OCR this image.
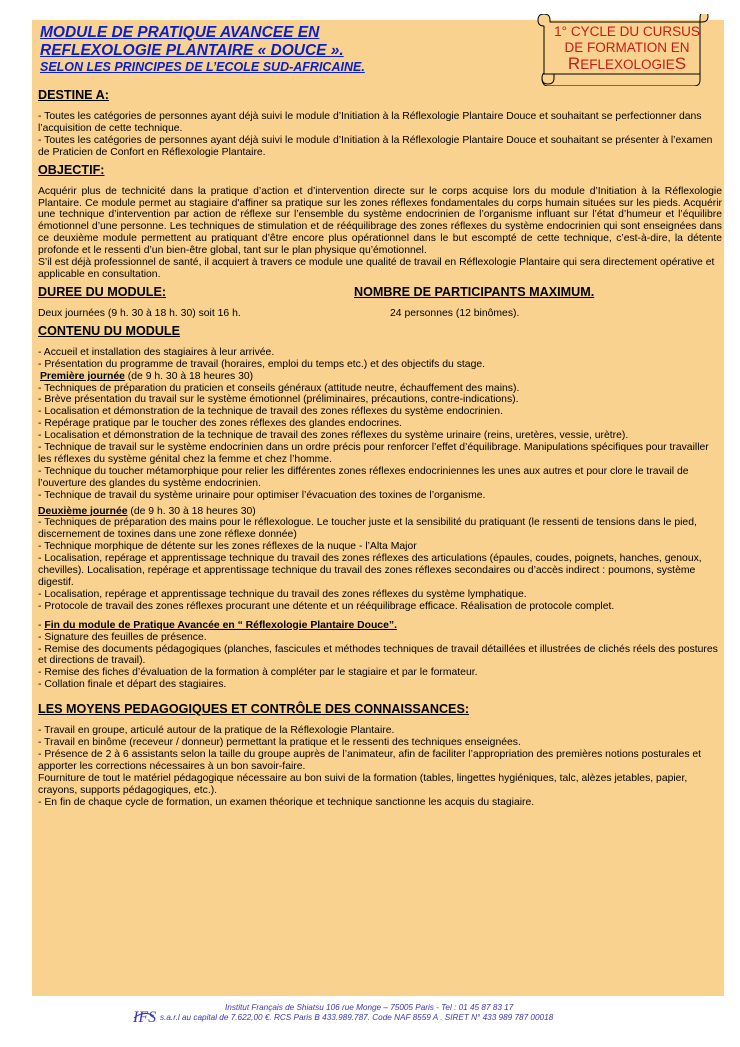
MODULE DE PRATIQUE AVANCEE EN
REFLEXOLOGIE PLANTAIRE « DOUCE ».
SELON LES PRINCIPES DE L’ECOLE SUD-AFRICAINE.
1° CYCLE DU CURSUS
DE FORMATION EN
REFLEXOLOGIES
DESTINE A:

- Toutes les catégories de personnes ayant déjà suivi le module d’Initiation à la Réflexologie Plantaire Douce et souhaitant se perfectionner dans l’acquisition de cette technique.

- Toutes les catégories de personnes ayant déjà suivi le module d’Initiation à la Réflexologie Plantaire Douce et souhaitant se présenter à l’examen de Praticien de Confort en Réflexologie Plantaire.

OBJECTIF:

Acquérir plus de technicité dans la pratique d’action et d’intervention directe sur le corps acquise lors du module d’Initiation à la Réflexologie Plantaire. Ce module permet au stagiaire d'affiner sa pratique sur les zones réflexes fondamentales du corps humain situées sur les pieds. Acquérir une technique d’intervention par action de réflexe sur l’ensemble du système endocrinien de l’organisme influant sur l’état d’humeur et l’équilibre émotionnel d’une personne. Les techniques de stimulation et de rééquilibrage des zones réflexes du système endocrinien qui sont enseignées dans ce deuxième module permettent au pratiquant d’être encore plus opérationnel dans le but escompté de cette technique, c’est-à-dire, la détente profonde et le ressenti d’un bien-être global, tant sur le plan physique qu’émotionnel.

S’il est déjà professionnel de santé, il acquiert à travers ce module une qualité de travail en Réflexologie Plantaire qui sera directement opérative et applicable en consultation.

DUREE DU MODULE:

Deux journées (9 h. 30 à 18 h. 30) soit 16 h.

NOMBRE DE PARTICIPANTS MAXIMUM.

24 personnes (12 binômes).

CONTENU DU MODULE

- Accueil et installation des stagiaires à leur arrivée.

- Présentation du programme de travail (horaires, emploi du temps etc.) et des objectifs du stage.

Première journée (de 9 h. 30 à 18 heures 30)

- Techniques de préparation du praticien et conseils généraux (attitude neutre, échauffement des mains).

- Brève présentation du travail sur le système émotionnel (préliminaires, précautions, contre-indications).

- Localisation et démonstration de la technique de travail des zones réflexes du système endocrinien.

- Repérage pratique par le toucher des zones réflexes des glandes endocrines.

- Localisation et démonstration de la technique de travail des zones réflexes du système urinaire (reins, uretères, vessie, urètre).

- Technique de travail sur le système endocrinien dans un ordre précis pour renforcer l’effet d’équilibrage. Manipulations spécifiques pour travailler les réflexes du système génital chez la femme et chez l’homme.

- Technique du toucher métamorphique pour relier les différentes zones réflexes endocriniennes les unes aux autres et pour clore le travail de l’ouverture des glandes du système endocrinien.

- Technique de travail du système urinaire pour optimiser l’évacuation des toxines de l’organisme.

Deuxième journée (de 9 h. 30 à 18 heures 30)

- Techniques de préparation des mains pour le réflexologue. Le toucher juste et la sensibilité du pratiquant (le ressenti de tensions dans le pied, discernement de toxines dans une zone réflexe donnée)

- Technique morphique de détente sur les zones réflexes de la nuque - l’Alta Major

- Localisation, repérage et apprentissage technique du travail des zones réflexes des articulations (épaules, coudes, poignets, hanches, genoux, chevilles). Localisation, repérage et apprentissage technique du travail des zones réflexes secondaires ou d’accès indirect : poumons, système digestif.

- Localisation, repérage et apprentissage technique du travail des zones réflexes du système lymphatique.

- Protocole de travail des zones réflexes procurant une détente et un rééquilibrage efficace. Réalisation de protocole complet.

- Fin du module de Pratique Avancée en “ Réflexologie Plantaire Douce”.

- Signature des feuilles de présence.

- Remise des documents pédagogiques (planches, fascicules et méthodes techniques de travail détaillées et illustrées de clichés réels des postures et directions de travail).

- Remise des fiches d’évaluation de la formation à compléter par le stagiaire et par le formateur.

- Collation finale et départ des stagiaires.

LES MOYENS PEDAGOGIQUES ET CONTRÔLE DES CONNAISSANCES:

- Travail en groupe, articulé autour de la pratique de la Réflexologie Plantaire.

- Travail en binôme (receveur / donneur) permettant la pratique et le ressenti des techniques enseignées.

- Présence de 2 à 6 assistants selon la taille du groupe auprès de l’animateur, afin de faciliter l’appropriation des premières notions posturales et apporter les corrections nécessaires à un bon savoir-faire.

Fourniture de tout le matériel pédagogique nécessaire au bon suivi de la formation (tables, lingettes hygiéniques, talc, alèzes jetables, papier, crayons, supports pédagogiques, etc.).

- En fin de chaque cycle de formation, un examen théorique et technique sanctionne les acquis du stagiaire.

IFS
Institut Français de Shiatsu 106 rue Monge – 75005 Paris - Tel : 01 45 87 83 17
s.a.r.l au capital de 7.622,00 €. RCS Paris B 433.989.787. Code NAF 8559 A . SIRET N° 433 989 787 00018
